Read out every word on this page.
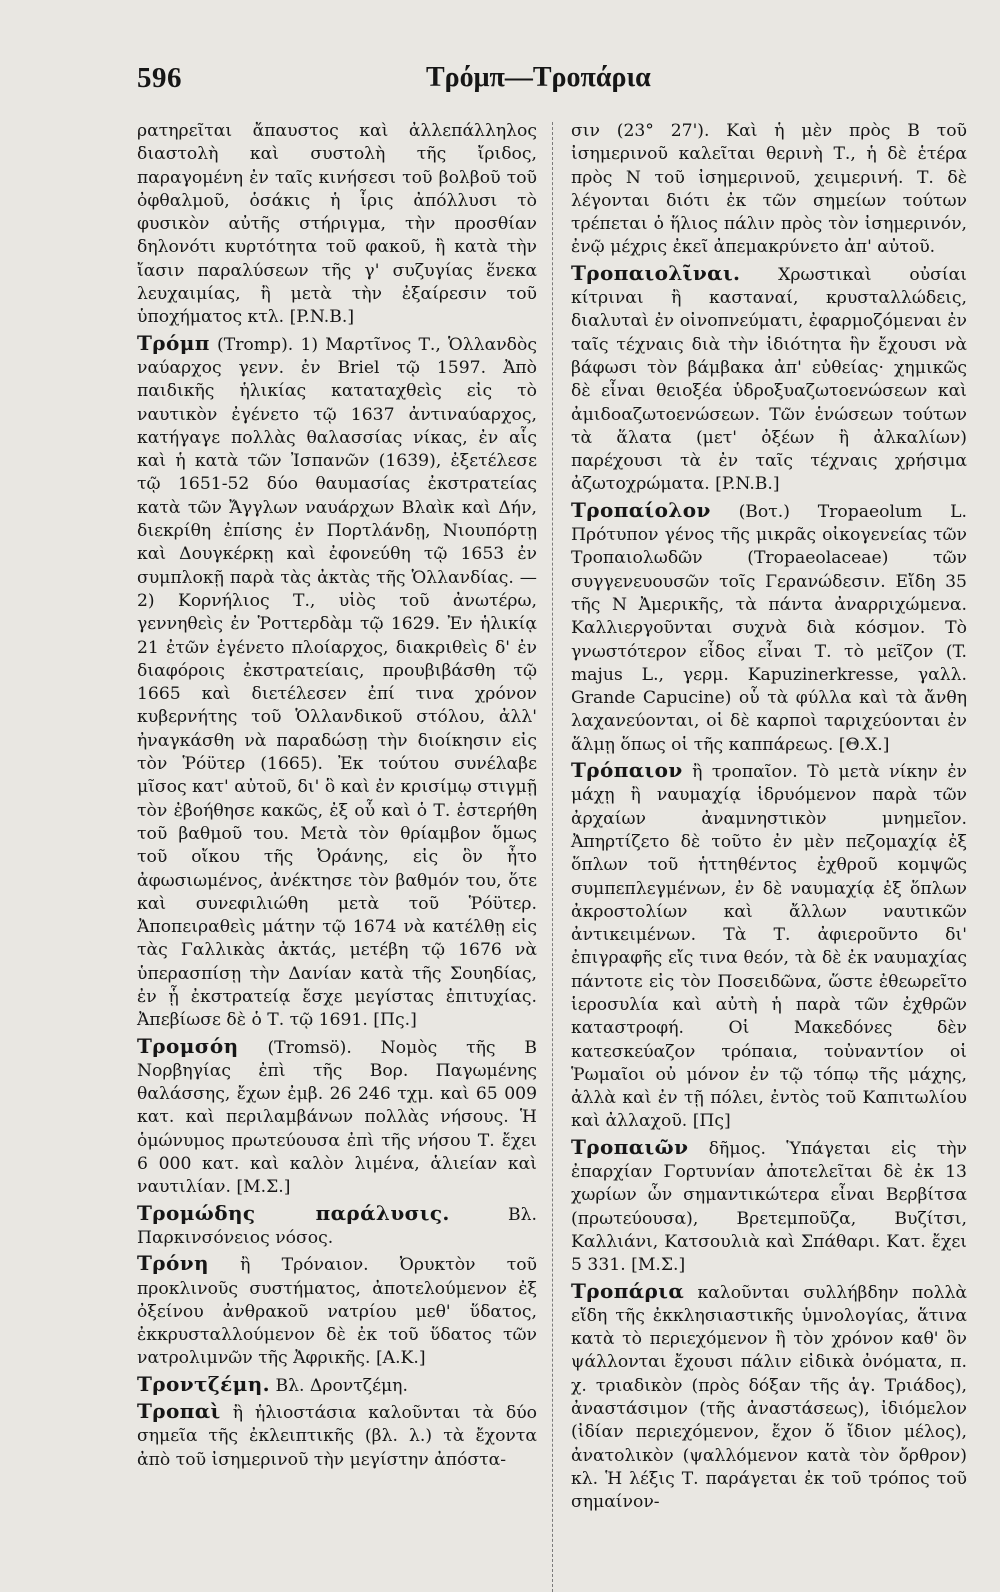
596	Τρόμπ—Τροπάρια

ρατηρεῖται ἄπαυστος καὶ ἀλλεπάλληλος διαστολὴ καὶ συστολὴ τῆς ἴριδος, παραγομένη ἐν ταῖς κινήσεσι τοῦ βολβοῦ τοῦ ὀφθαλμοῦ, ὁσάκις ἡ ἶρις ἀπόλλυσι τὸ φυσικὸν αὐτῆς στήριγμα, τὴν προσθίαν δηλονότι κυρτότητα τοῦ φακοῦ, ἢ κατὰ τὴν ἴασιν παραλύσεων τῆς γ' συζυγίας ἕνεκα λευχαιμίας, ἢ μετὰ τὴν ἐξαίρεσιν τοῦ ὑποχήματος κτλ. [P.N.B.]

Τρόμπ (Tromp). 1) Μαρτῖνος Τ., Ὁλλανδὸς ναύαρχος γενν. ἐν Briel τῷ 1597. Ἀπὸ παιδικῆς ἡλικίας καταταχθεὶς εἰς τὸ ναυτικὸν ἐγένετο τῷ 1637 ἀντιναύαρχος, κατήγαγε πολλὰς θαλασσίας νίκας, ἐν αἷς καὶ ἡ κατὰ τῶν Ἰσπανῶν (1639), ἐξετέλεσε τῷ 1651-52 δύο θαυμασίας ἐκστρατείας κατὰ τῶν Ἄγγλων ναυάρχων Βλαὶκ καὶ Δήν, διεκρίθη ἐπίσης ἐν Πορτλάνδῃ, Νιουπόρτῃ καὶ Δουγκέρκῃ καὶ ἐφονεύθη τῷ 1653 ἐν συμπλοκῇ παρὰ τὰς ἀκτὰς τῆς Ὁλλανδίας. — 2) Κορνήλιος Τ., υἱὸς τοῦ ἀνωτέρω, γεννηθεὶς ἐν Ῥοττερδὰμ τῷ 1629. Ἐν ἡλικίᾳ 21 ἐτῶν ἐγένετο πλοίαρχος, διακριθεὶς δ' ἐν διαφόροις ἐκστρατείαις, προυβιβάσθη τῷ 1665 καὶ διετέλεσεν ἐπί τινα χρόνον κυβερνήτης τοῦ Ὁλλανδικοῦ στόλου, ἀλλ' ἠναγκάσθη νὰ παραδώσῃ τὴν διοίκησιν εἰς τὸν Ῥόϋτερ (1665). Ἐκ τούτου συνέλαβε μῖσος κατ' αὐτοῦ, δι' ὃ καὶ ἐν κρισίμῳ στιγμῇ τὸν ἐβοήθησε κακῶς, ἐξ οὗ καὶ ὁ Τ. ἐστερήθη τοῦ βαθμοῦ του. Μετὰ τὸν θρίαμβον ὅμως τοῦ οἴκου τῆς Ὀράνης, εἰς ὃν ἦτο ἀφωσιωμένος, ἀνέκτησε τὸν βαθμόν του, ὅτε καὶ συνεφιλιώθη μετὰ τοῦ Ῥόϋτερ. Ἀποπειραθεὶς μάτην τῷ 1674 νὰ κατέλθῃ εἰς τὰς Γαλλικὰς ἀκτάς, μετέβη τῷ 1676 νὰ ὑπερασπίσῃ τὴν Δανίαν κατὰ τῆς Σουηδίας, ἐν ᾗ ἐκστρατείᾳ ἔσχε μεγίστας ἐπιτυχίας. Ἀπεβίωσε δὲ ὁ Τ. τῷ 1691. [Πς.]

Τρομσόη (Tromsö). Νομὸς τῆς Β Νορβηγίας ἐπὶ τῆς Βορ. Παγωμένης θαλάσσης, ἔχων ἐμβ. 26 246 τχμ. καὶ 65 009 κατ. καὶ περιλαμβάνων πολλὰς νήσους. Ἡ ὁμώνυμος πρωτεύουσα ἐπὶ τῆς νήσου Τ. ἔχει 6 000 κατ. καὶ καλὸν λιμένα, ἁλιείαν καὶ ναυτιλίαν. [Μ.Σ.]

Τρομώδης παράλυσις.	Βλ. Παρκινσόνειος νόσος.

Τρόνη ἢ Τρόναιον. Ὀρυκτὸν τοῦ προκλινοῦς συστήματος, ἀποτελούμενον ἐξ ὀξείνου ἀνθρακοῦ νατρίου μεθ' ὕδατος, ἐκκρυσταλλούμενον δὲ ἐκ τοῦ ὕδατος τῶν νατρολιμνῶν τῆς Ἀφρικῆς. [Α.Κ.]

Τροντζέμη. Βλ. Δροντζέμη.

Τροπαὶ ἢ ἡλιοστάσια καλοῦνται τὰ δύο σημεῖα τῆς ἐκλειπτικῆς (βλ. λ.) τὰ ἔχοντα ἀπὸ τοῦ ἰσημερινοῦ τὴν μεγίστην ἀπόστα-

σιν (23° 27'). Καὶ ἡ μὲν πρὸς Β τοῦ ἰσημερινοῦ καλεῖται θερινὴ Τ., ἡ δὲ ἑτέρα πρὸς Ν τοῦ ἰσημερινοῦ, χειμερινή. Τ. δὲ λέγονται διότι ἐκ τῶν σημείων τούτων τρέπεται ὁ ἥλιος πάλιν πρὸς τὸν ἰσημερινόν, ἐνῷ μέχρις ἐκεῖ ἀπεμακρύνετο ἀπ' αὐτοῦ.

Τροπαιολῖναι. Χρωστικαὶ οὐσίαι κίτριναι ἢ κασταναί, κρυσταλλώδεις, διαλυταὶ ἐν οἰνοπνεύματι, ἐφαρμοζόμεναι ἐν ταῖς τέχναις διὰ τὴν ἰδιότητα ἣν ἔχουσι νὰ βάφωσι τὸν βάμβακα ἀπ' εὐθείας· χημικῶς δὲ εἶναι θειοξέα ὑδροξυαζωτοενώσεων καὶ ἀμιδοαζωτοενώσεων. Τῶν ἑνώσεων τούτων τὰ ἅλατα (μετ' ὀξέων ἢ ἀλκαλίων) παρέχουσι τὰ ἐν ταῖς τέχναις χρήσιμα ἀζωτοχρώματα. [P.N.B.]

Τροπαίολον (Βοτ.) Tropaeolum L. Πρότυπον γένος τῆς μικρᾶς οἰκογενείας τῶν Τροπαιολωδῶν (Tropaeolaceae) τῶν συγγενευουσῶν τοῖς Γερανώδεσιν. Εἴδη 35 τῆς Ν Ἀμερικῆς, τὰ πάντα ἀναρριχώμενα. Καλλιεργοῦνται συχνὰ διὰ κόσμον. Τὸ γνωστότερον εἶδος εἶναι Τ. τὸ μεῖζον (T. majus L., γερμ. Kapuzinerkresse, γαλλ. Grande Capucine) οὗ τὰ φύλλα καὶ τὰ ἄνθη λαχανεύονται, οἱ δὲ καρποὶ ταριχεύονται ἐν ἅλμῃ ὅπως οἱ τῆς καππάρεως. [Θ.Χ.]

Τρόπαιον ἢ τροπαῖον. Τὸ μετὰ νίκην ἐν μάχῃ ἢ ναυμαχίᾳ ἱδρυόμενον παρὰ τῶν ἀρχαίων ἀναμνηστικὸν μνημεῖον. Ἀπηρτίζετο δὲ τοῦτο ἐν μὲν πεζομαχίᾳ ἐξ ὅπλων τοῦ ἡττηθέντος ἐχθροῦ κομψῶς συμπεπλεγμένων, ἐν δὲ ναυμαχίᾳ ἐξ ὅπλων ἀκροστολίων καὶ ἄλλων ναυτικῶν ἀντικειμένων. Τὰ Τ. ἀφιεροῦντο δι' ἐπιγραφῆς εἴς τινα θεόν, τὰ δὲ ἐκ ναυμαχίας πάντοτε εἰς τὸν Ποσειδῶνα, ὥστε ἐθεωρεῖτο ἱεροσυλία καὶ αὐτὴ ἡ παρὰ τῶν ἐχθρῶν καταστροφή. Οἱ Μακεδόνες δὲν κατεσκεύαζον τρόπαια, τοὐναντίον οἱ Ῥωμαῖοι οὐ μόνον ἐν τῷ τόπῳ τῆς μάχης, ἀλλὰ καὶ ἐν τῇ πόλει, ἐντὸς τοῦ Καπιτωλίου καὶ ἀλλαχοῦ. [Πς]

Τροπαιῶν δῆμος. Ὑπάγεται εἰς τὴν ἐπαρχίαν Γορτυνίαν ἀποτελεῖται δὲ ἐκ 13 χωρίων ὧν σημαντικώτερα εἶναι Βερβίτσα (πρωτεύουσα), Βρετεμποῦζα, Βυζίτσι, Καλλιάνι, Κατσουλιὰ καὶ Σπάθαρι. Κατ. ἔχει 5 331. [Μ.Σ.]

Τροπάρια καλοῦνται συλλήβδην πολλὰ εἴδη τῆς ἐκκλησιαστικῆς ὑμνολογίας, ἅτινα κατὰ τὸ περιεχόμενον ἢ τὸν χρόνον καθ' ὃν ψάλλονται ἔχουσι πάλιν εἰδικὰ ὀνόματα, π. χ. τριαδικὸν (πρὸς δόξαν τῆς ἁγ. Τριάδος), ἀναστάσιμον (τῆς ἀναστάσεως), ἰδιόμελον (ἰδίαν περιεχόμενον, ἔχον ὅ ἴδιον μέλος), ἀνατολικὸν (ψαλλόμενον κατὰ τὸν ὄρθρον) κλ. Ἡ λέξις Τ. παράγεται ἐκ τοῦ τρόπος τοῦ σημαίνον-
